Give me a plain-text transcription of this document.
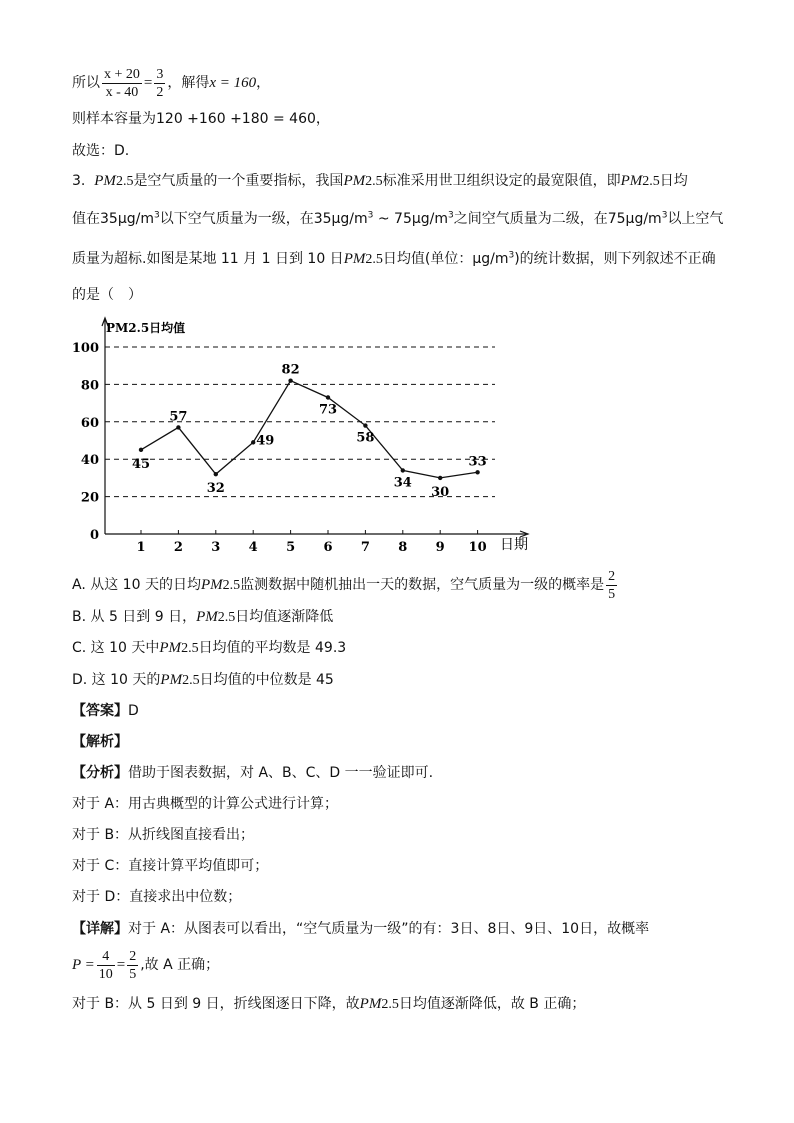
所以 $\frac{x + 20}{x - 40} = \frac{3}{2}$ ，解得x = 160，
则样本容量为120 +160 +180 = 460，
故选：D.
3. PM2.5是空气质量的一个重要指标，我国PM2.5标准采用世卫组织设定的最宽限值，即PM2.5日均
值在$35\mu g/m^3$以下空气质量为一级，在$35\mu g/m^3$ ~ $75\mu g/m^3$之间空气质量为二级，在$75\mu g/m^3$以上空气
质量为超标.如图是某地 11 月 1 日到 10 日PM2.5日均值(单位：$\mu g/m^3$)的统计数据，则下列叙述不正确
的是（　）
PM2.5日均值
日期
0
20
40
60
80
100
1 2 3 4 5 6 7 8 9 10
45
57
32
49
82
73
58
34
30
33
A. 从这 10 天的日均PM2.5监测数据中随机抽出一天的数据，空气质量为一级的概率是 $\frac{2}{5}$
B. 从 5 日到 9 日，PM2.5日均值逐渐降低
C. 这 10 天中PM2.5日均值的平均数是 49.3
D. 这 10 天的PM2.5日均值的中位数是 45
【答案】D
【解析】
【分析】借助于图表数据，对 A、B、C、D 一一验证即可.
对于 A：用古典概型的计算公式进行计算；
对于 B：从折线图直接看出；
对于 C：直接计算平均值即可；
对于 D：直接求出中位数；
【详解】对于 A：从图表可以看出，“空气质量为一级”的有：3日、8日、9日、10日，故概率
$P = \frac{4}{10} = \frac{2}{5}$ ,故 A 正确；
对于 B：从 5 日到 9 日，折线图逐日下降，故PM2.5日均值逐渐降低，故 B 正确；
